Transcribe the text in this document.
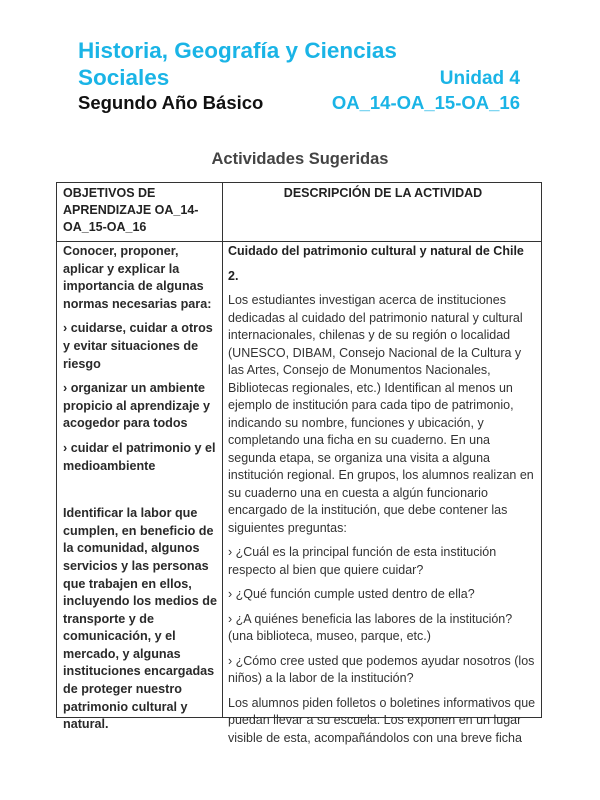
Historia, Geografía y Ciencias
Sociales	Unidad 4
Segundo Año Básico	OA_14-OA_15-OA_16
Actividades Sugeridas
OBJETIVOS DE APRENDIZAJE OA_14-OA_15-OA_16
DESCRIPCIÓN DE LA ACTIVIDAD

Conocer, proponer, aplicar y explicar la importancia de algunas normas necesarias para:

› cuidarse, cuidar a otros y evitar situaciones de riesgo

› organizar un ambiente propicio al aprendizaje y acogedor para todos

› cuidar el patrimonio y el medioambiente

Identificar la labor que cumplen, en beneficio de la comunidad, algunos servicios y las personas que trabajen en ellos, incluyendo los medios de transporte y de comunicación, y el mercado, y algunas instituciones encargadas de proteger nuestro patrimonio cultural y natural.

Cuidado del patrimonio cultural y natural de Chile

2.

Los estudiantes investigan acerca de instituciones dedicadas al cuidado del patrimonio natural y cultural internacionales, chilenas y de su región o localidad (UNESCO, DIBAM, Consejo Nacional de la Cultura y las Artes, Consejo de Monumentos Nacionales, Bibliotecas regionales, etc.) Identifican al menos un ejemplo de institución para cada tipo de patrimonio, indicando su nombre, funciones y ubicación, y completando una ficha en su cuaderno. En una segunda etapa, se organiza una visita a alguna institución regional. En grupos, los alumnos realizan en su cuaderno una en cuesta a algún funcionario encargado de la institución, que debe contener las siguientes preguntas:

› ¿Cuál es la principal función de esta institución respecto al bien que quiere cuidar?

› ¿Qué función cumple usted dentro de ella?

› ¿A quiénes beneficia las labores de la institución? (una biblioteca, museo, parque, etc.)

› ¿Cómo cree usted que podemos ayudar nosotros (los niños) a la labor de la institución?

Los alumnos piden folletos o boletines informativos que puedan llevar a su escuela. Los exponen en un lugar visible de esta, acompañándolos con una breve ficha
